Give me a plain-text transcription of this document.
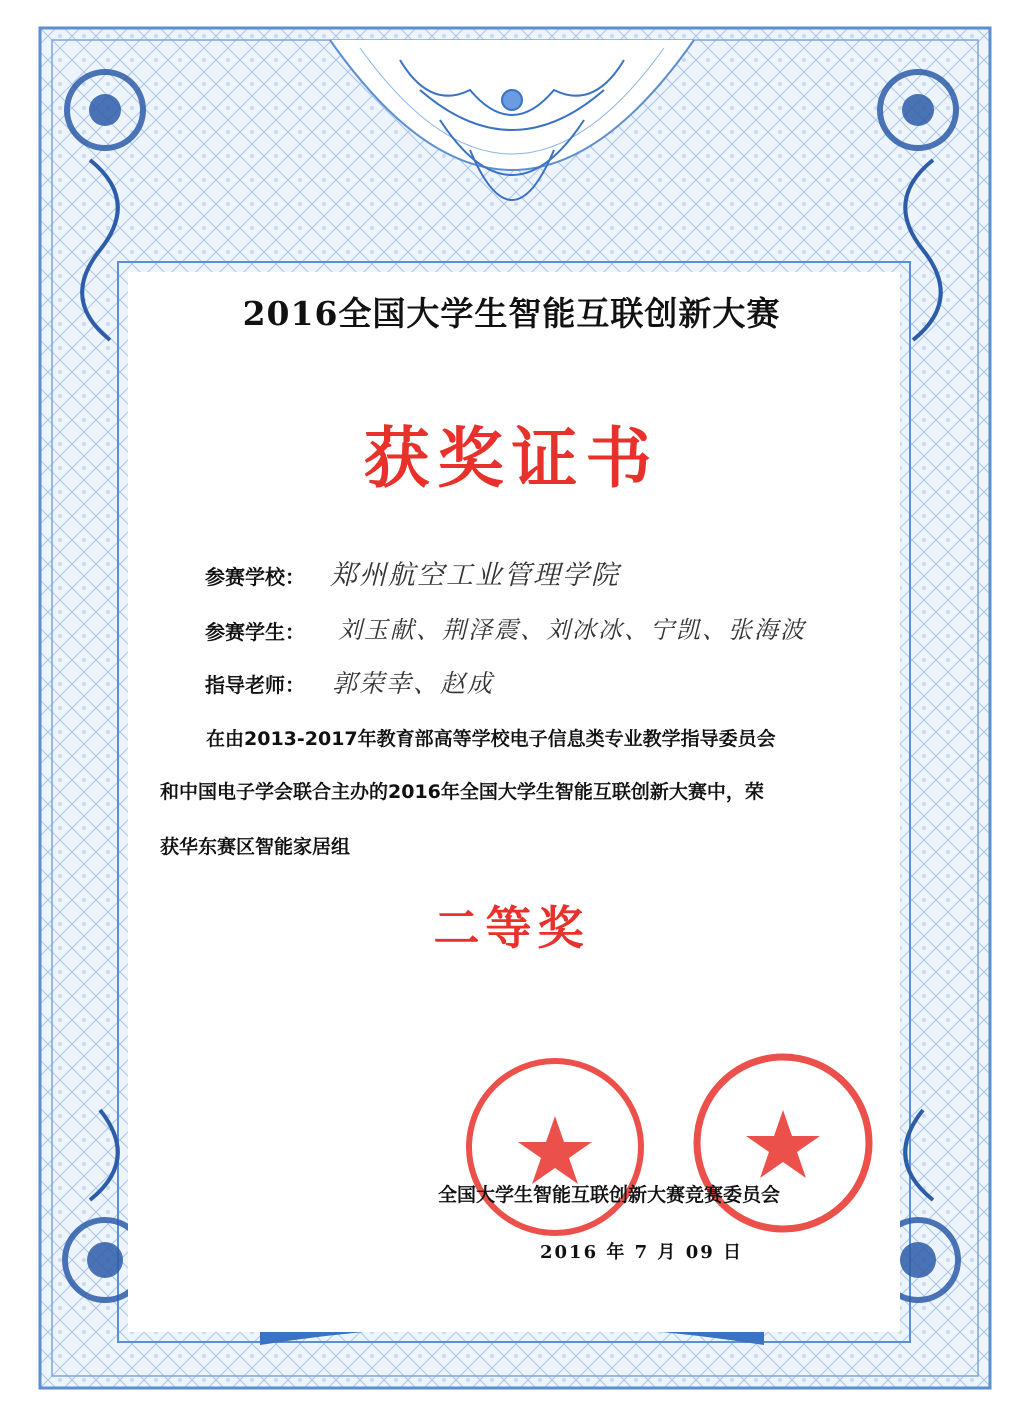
2016全国大学生智能互联创新大赛
获奖证书
参赛学校： 郑州航空工业管理学院
参赛学生： 刘玉献、荆泽震、刘冰冰、宁凯、张海波
指导老师： 郭荣幸、赵成
在由2013-2017年教育部高等学校电子信息类专业教学指导委员会
和中国电子学会联合主办的2016年全国大学生智能互联创新大赛中，荣
获华东赛区智能家居组
二等奖
全国大学生智能互联创新大赛竞赛委员会
2016 年 7 月 09 日
